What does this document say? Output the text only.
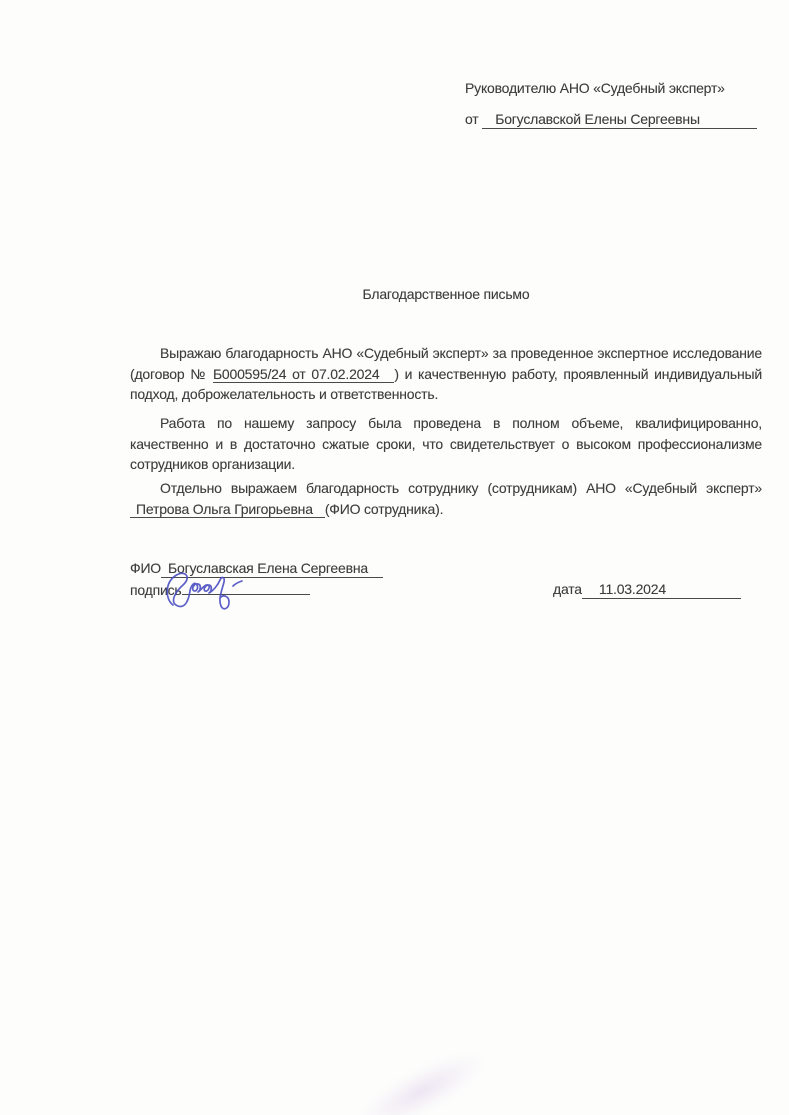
Руководителю АНО «Судебный эксперт»
от Богуславской Елены Сергеевны
Благодарственное письмо

Выражаю благодарность АНО «Судебный эксперт» за проведенное экспертное исследование (договор № Б000595/24 от 07.02.2024 ) и качественную работу, проявленный индивидуальный подход, доброжелательность и ответственность.

Работа по нашему запросу была проведена в полном объеме, квалифицированно, качественно и в достаточно сжатые сроки, что свидетельствует о высоком профессионализме сотрудников организации.

Отдельно выражаем благодарность сотруднику (сотрудникам) АНО «Судебный эксперт» Петрова Ольга Григорьевна (ФИО сотрудника).

ФИО Богуславская Елена Сергеевна
подпись	дата 11.03.2024
